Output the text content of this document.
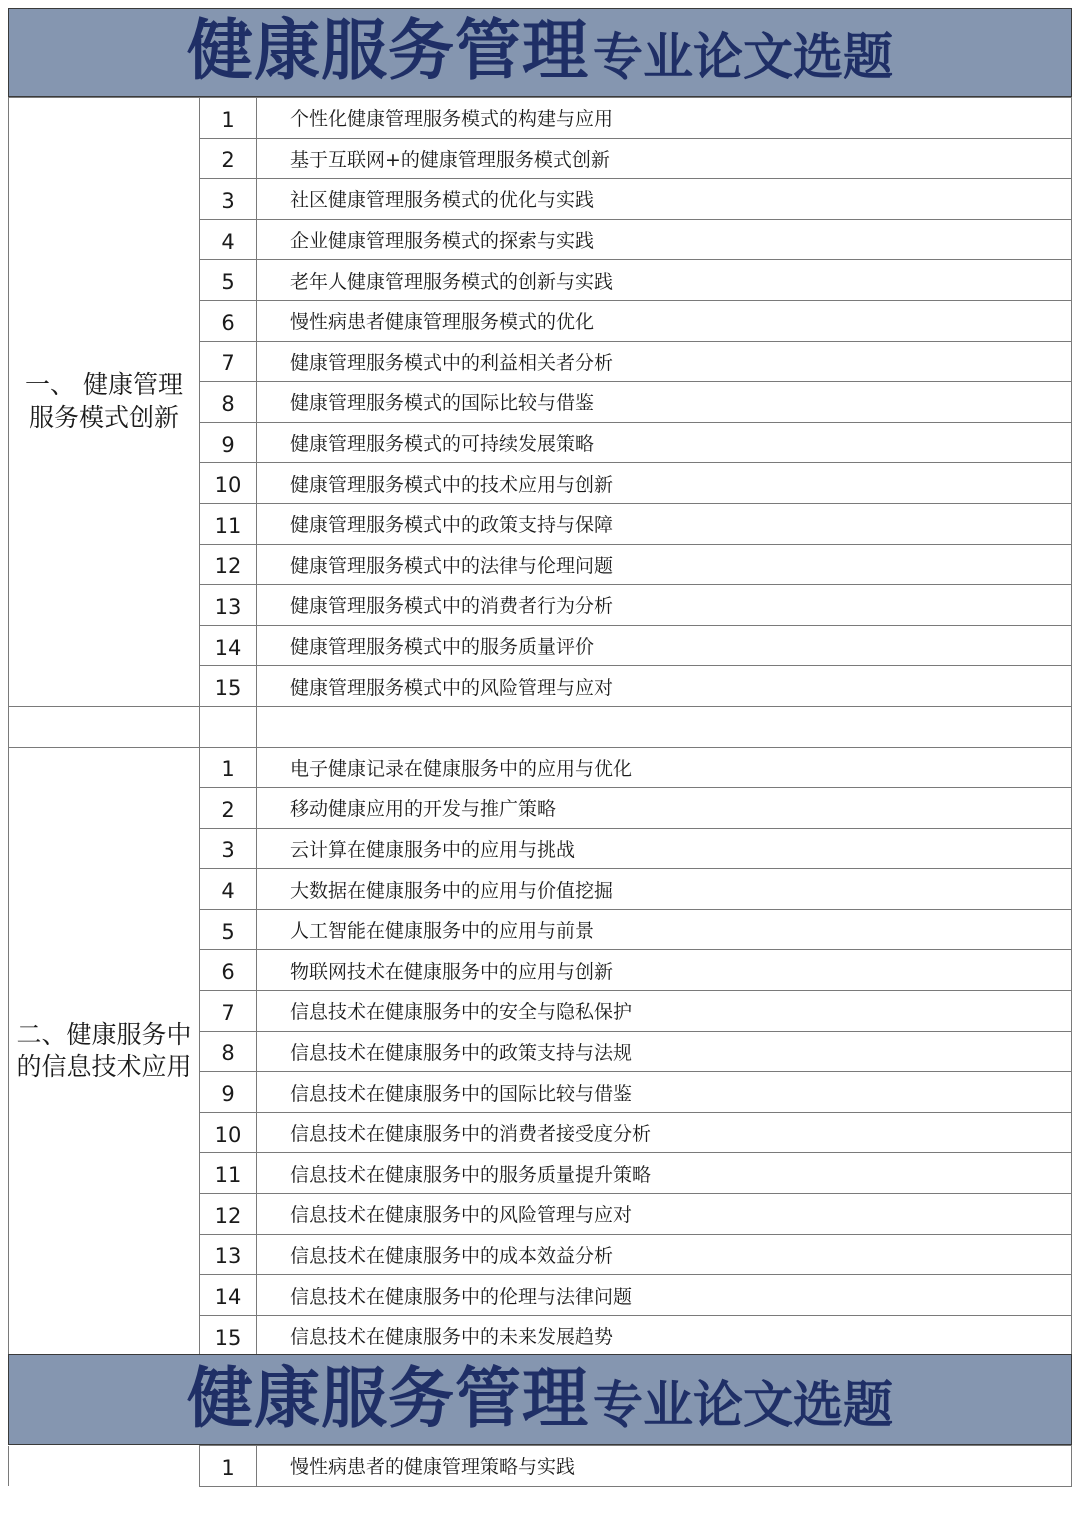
健康服务管理 专业论文选题
一、 健康管理
服务模式创新	1	个性化健康管理服务模式的构建与应用
	2	基于互联网+的健康管理服务模式创新
	3	社区健康管理服务模式的优化与实践
	4	企业健康管理服务模式的探索与实践
	5	老年人健康管理服务模式的创新与实践
	6	慢性病患者健康管理服务模式的优化
	7	健康管理服务模式中的利益相关者分析
	8	健康管理服务模式的国际比较与借鉴
	9	健康管理服务模式的可持续发展策略
	10	健康管理服务模式中的技术应用与创新
	11	健康管理服务模式中的政策支持与保障
	12	健康管理服务模式中的法律与伦理问题
	13	健康管理服务模式中的消费者行为分析
	14	健康管理服务模式中的服务质量评价
	15	健康管理服务模式中的风险管理与应对

二、健康服务中
的信息技术应用	1	电子健康记录在健康服务中的应用与优化
	2	移动健康应用的开发与推广策略
	3	云计算在健康服务中的应用与挑战
	4	大数据在健康服务中的应用与价值挖掘
	5	人工智能在健康服务中的应用与前景
	6	物联网技术在健康服务中的应用与创新
	7	信息技术在健康服务中的安全与隐私保护
	8	信息技术在健康服务中的政策支持与法规
	9	信息技术在健康服务中的国际比较与借鉴
	10	信息技术在健康服务中的消费者接受度分析
	11	信息技术在健康服务中的服务质量提升策略
	12	信息技术在健康服务中的风险管理与应对
	13	信息技术在健康服务中的成本效益分析
	14	信息技术在健康服务中的伦理与法律问题
	15	信息技术在健康服务中的未来发展趋势
健康服务管理 专业论文选题
	1	慢性病患者的健康管理策略与实践
